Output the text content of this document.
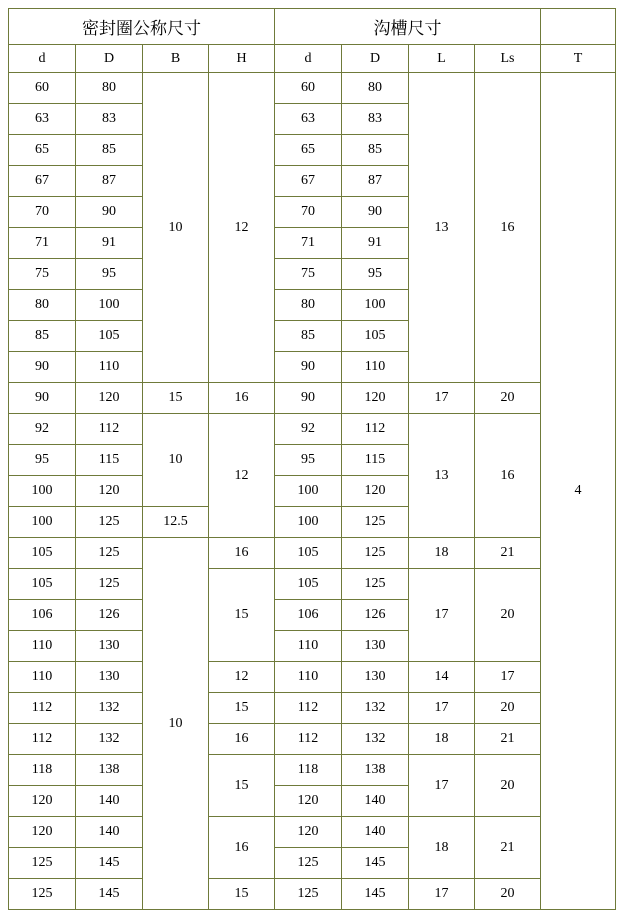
密封圈公称尺寸				沟槽尺寸				
d	D	B	H	d	D	L	Ls	T
60	80	10	12	60	80	13	16	4
63	83			63	83			
65	85			65	85			
67	87			67	87			
70	90			70	90			
71	91			71	91			
75	95			75	95			
80	100			80	100			
85	105			85	105			
90	110			90	110			
90	120	15	16	90	120	17	20	
92	112	10	12	92	112	13	16	
95	115			95	115			
100	120			100	120			
100	125	12.5		100	125			
105	125	10	16	105	125	18	21	
105	125		15	105	125	17	20	
106	126			106	126			
110	130			110	130			
110	130		12	110	130	14	17	
112	132		15	112	132	17	20	
112	132		16	112	132	18	21	
118	138		15	118	138	17	20	
120	140			120	140			
120	140		16	120	140	18	21	
125	145			125	145			
125	145		15	125	145	17	20	
